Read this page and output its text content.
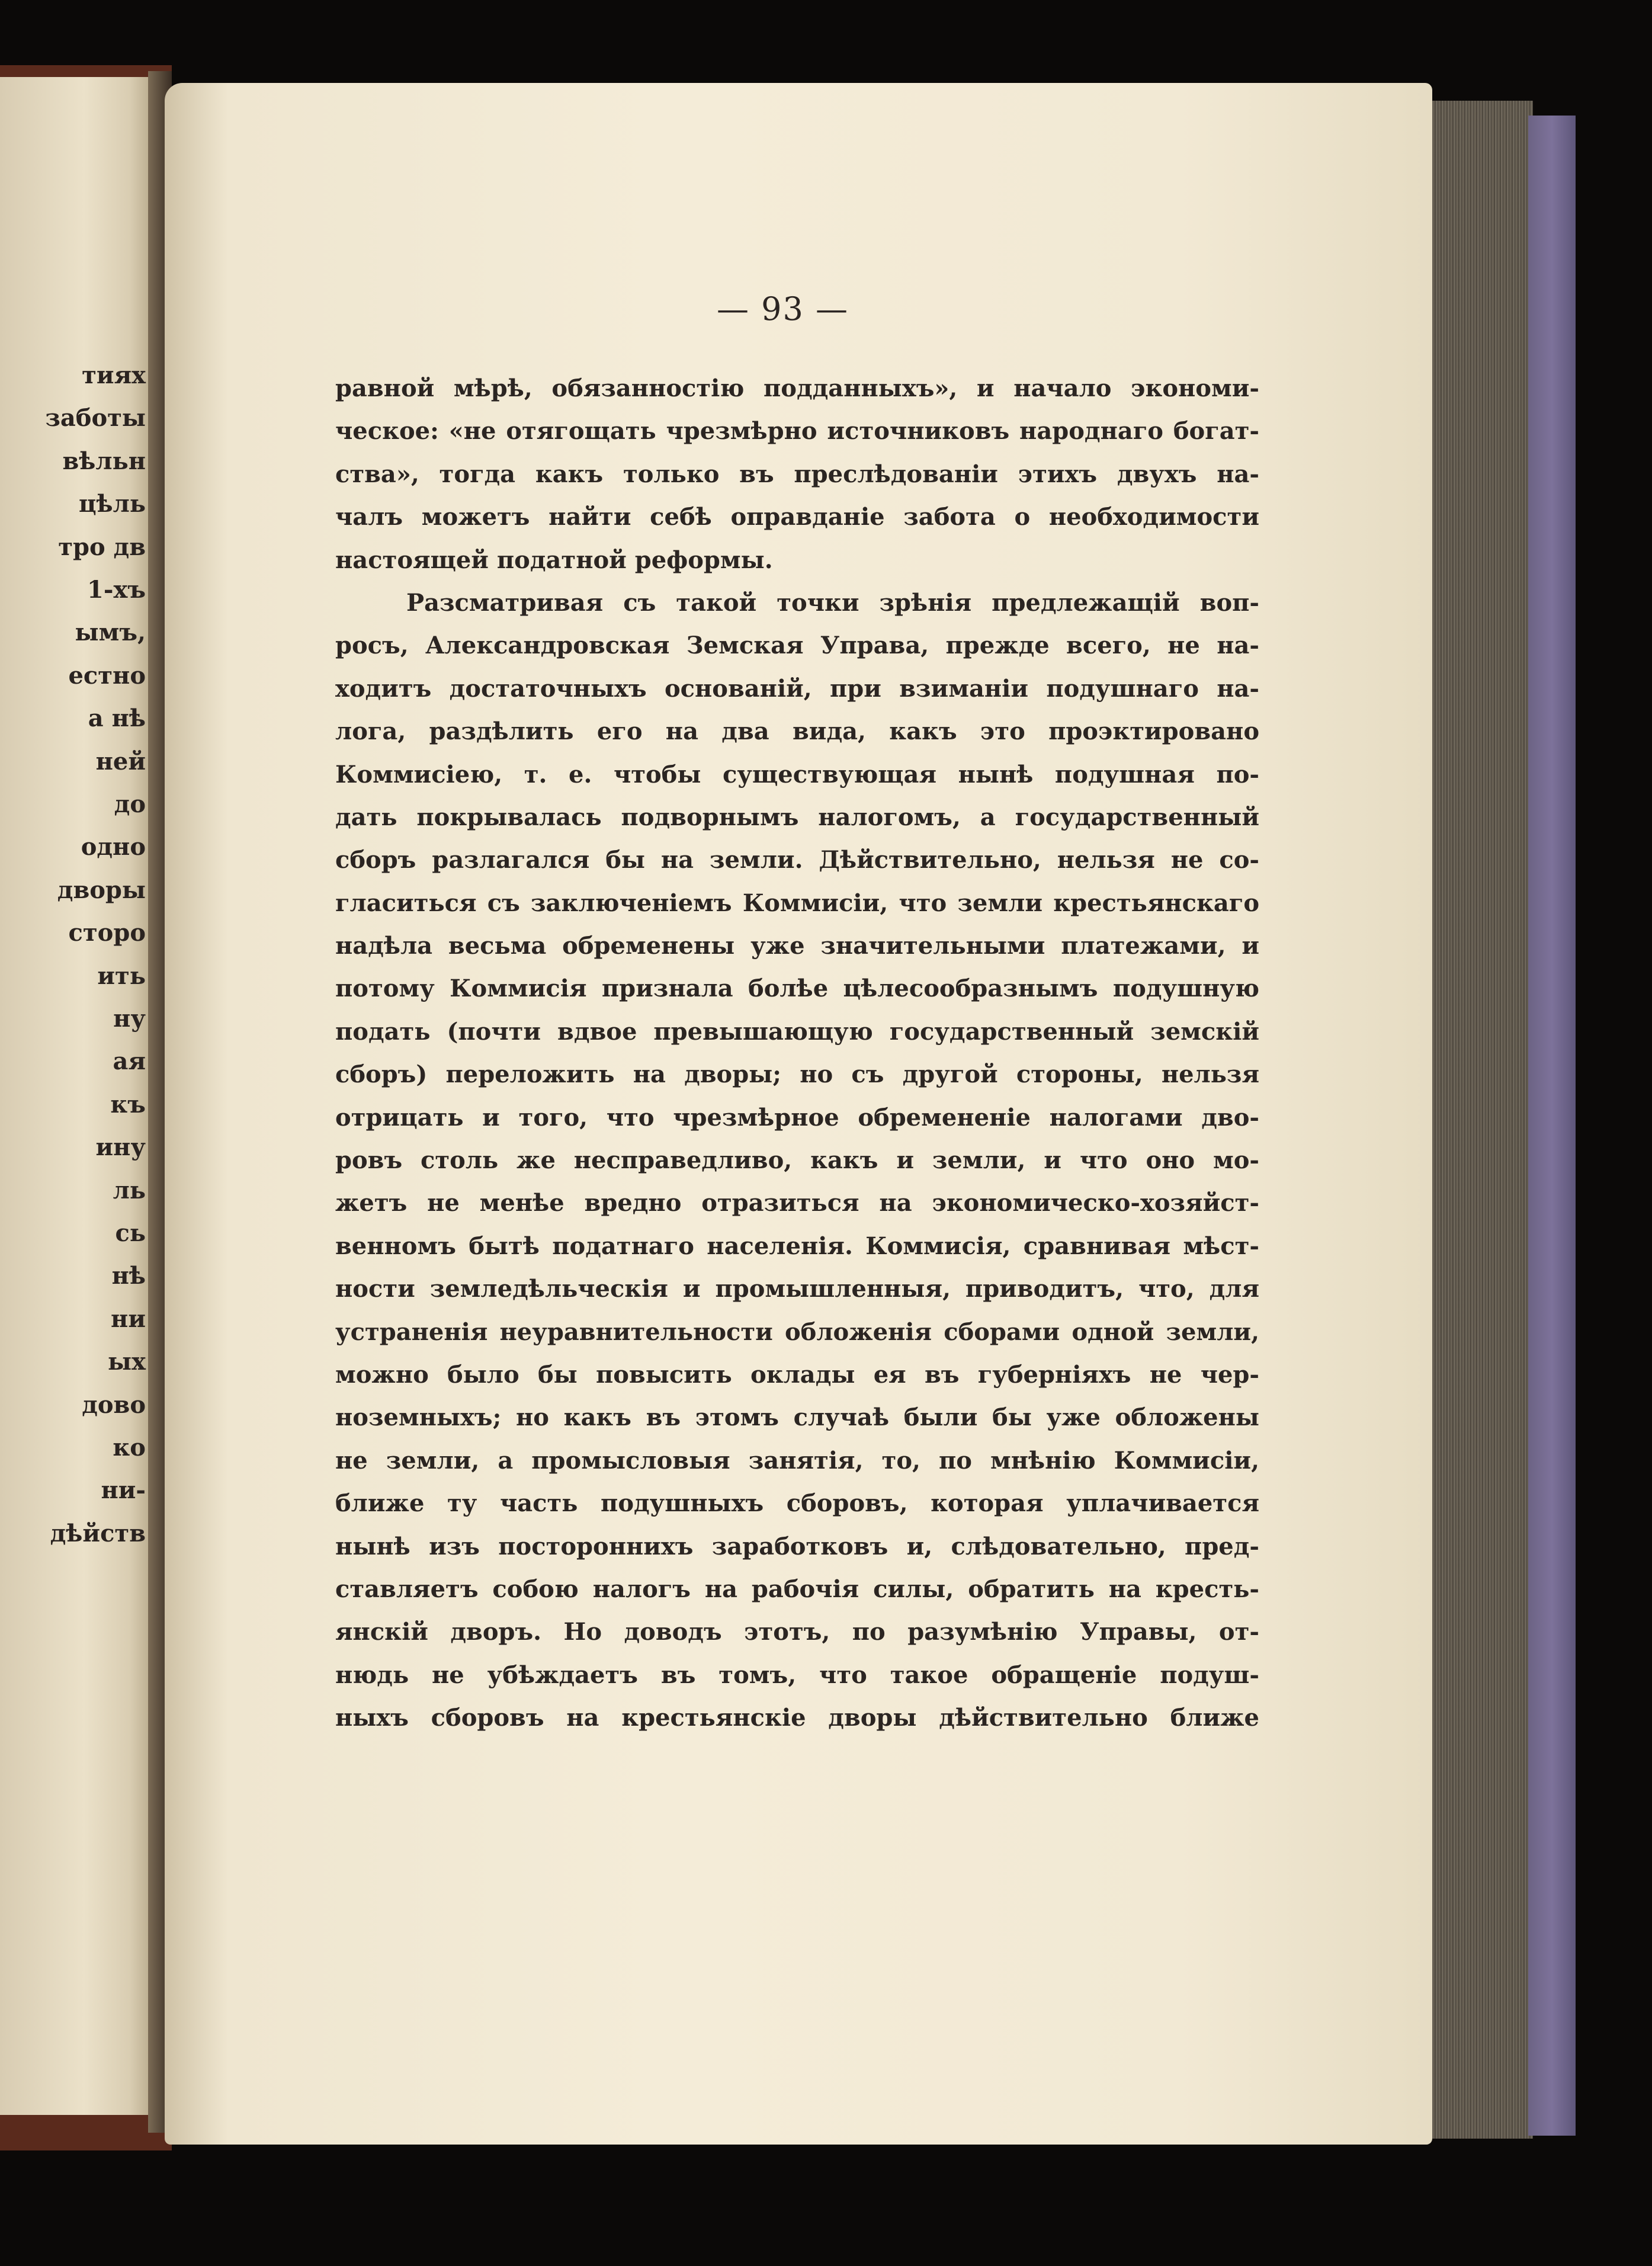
тиях
заботы
вѣльн
цѣль
тро дв
1-хъ
ымъ,
естно
а нѣ
ней
до
одно
дворы
сторо
ить
ну
ая
къ
ину
ль
сь
нѣ
ни
ых
дово
ко
ни-
дѣйств
— 93 —
равной мѣрѣ, обязанностію подданныхъ», и начало экономи-
ческое: «не отягощать чрезмѣрно источниковъ народнаго богат-
ства», тогда какъ только въ преслѣдованіи этихъ двухъ на-
чалъ можетъ найти себѣ оправданіе забота о необходимости
настоящей податной реформы.
Разсматривая съ такой точки зрѣнія предлежащій воп-
росъ, Александровская Земская Управа, прежде всего, не на-
ходитъ достаточныхъ основаній, при взиманіи подушнаго на-
лога, раздѣлить его на два вида, какъ это проэктировано
Коммисіею, т. е. чтобы существующая нынѣ подушная по-
дать покрывалась подворнымъ налогомъ, а государственный
сборъ разлагался бы на земли. Дѣйствительно, нельзя не со-
гласиться съ заключеніемъ Коммисіи, что земли крестьянскаго
надѣла весьма обременены уже значительными платежами, и
потому Коммисія признала болѣе цѣлесообразнымъ подушную
подать (почти вдвое превышающую государственный земскій
сборъ) переложить на дворы; но съ другой стороны, нельзя
отрицать и того, что чрезмѣрное обремененіе налогами дво-
ровъ столь же несправедливо, какъ и земли, и что оно мо-
жетъ не менѣе вредно отразиться на экономическо-хозяйст-
венномъ бытѣ податнаго населенія. Коммисія, сравнивая мѣст-
ности земледѣльческія и промышленныя, приводитъ, что, для
устраненія неуравнительности обложенія сборами одной земли,
можно было бы повысить оклады ея въ губерніяхъ не чер-
ноземныхъ; но какъ въ этомъ случаѣ были бы уже обложены
не земли, а промысловыя занятія, то, по мнѣнію Коммисіи,
ближе ту часть подушныхъ сборовъ, которая уплачивается
нынѣ изъ постороннихъ заработковъ и, слѣдовательно, пред-
ставляетъ собою налогъ на рабочія силы, обратить на кресть-
янскій дворъ. Но доводъ этотъ, по разумѣнію Управы, от-
нюдь не убѣждаетъ въ томъ, что такое обращеніе подуш-
ныхъ сборовъ на крестьянскіе дворы дѣйствительно ближе
